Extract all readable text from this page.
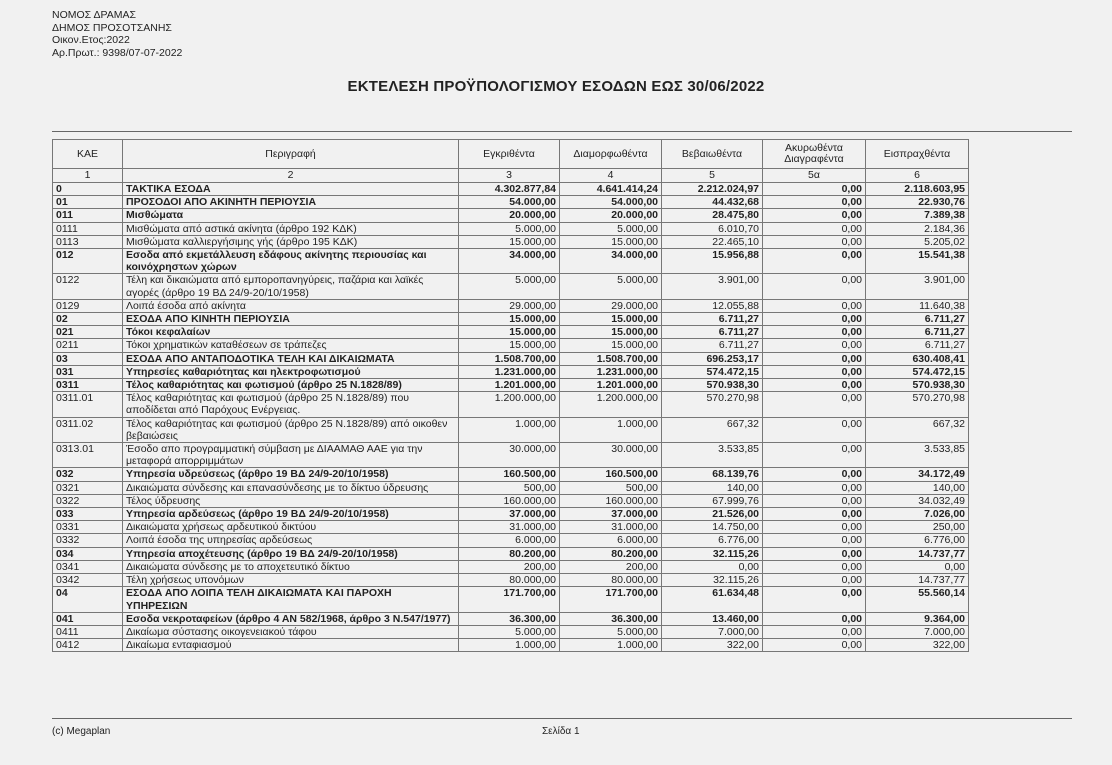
ΝΟΜΟΣ ΔΡΑΜΑΣ
ΔΗΜΟΣ ΠΡΟΣΟΤΣΑΝΗΣ
Οικον.Ετος:2022
Αρ.Πρωτ.: 9398/07-07-2022
ΕΚΤΕΛΕΣΗ ΠΡΟΫΠΟΛΟΓΙΣΜΟΥ ΕΣΟΔΩΝ ΕΩΣ 30/06/2022
ΚΑΕ	Περιγραφή	Εγκριθέντα	Διαμορφωθέντα	Βεβαιωθέντα	Ακυρωθέντα Διαγραφέντα	Εισπραχθέντα
1	2	3	4	5	5α	6
0	ΤΑΚΤΙΚΑ ΕΣΟΔΑ	4.302.877,84	4.641.414,24	2.212.024,97	0,00	2.118.603,95
01	ΠΡΟΣΟΔΟΙ ΑΠΟ ΑΚΙΝΗΤΗ ΠΕΡΙΟΥΣΙΑ	54.000,00	54.000,00	44.432,68	0,00	22.930,76
011	Μισθώματα	20.000,00	20.000,00	28.475,80	0,00	7.389,38
0111	Μισθώματα από αστικά ακίνητα (άρθρο 192 ΚΔΚ)	5.000,00	5.000,00	6.010,70	0,00	2.184,36
0113	Μισθώματα καλλιεργήσιμης γής (άρθρο 195 ΚΔΚ)	15.000,00	15.000,00	22.465,10	0,00	5.205,02
012	Εσοδα από εκμετάλλευση εδάφους ακίνητης περιουσίας και κοινόχρηστων χώρων	34.000,00	34.000,00	15.956,88	0,00	15.541,38
0122	Τέλη και δικαιώματα από εμποροπανηγύρεις, παζάρια και λαϊκές αγορές (άρθρο 19 ΒΔ 24/9-20/10/1958)	5.000,00	5.000,00	3.901,00	0,00	3.901,00
0129	Λοιπά έσοδα από ακίνητα	29.000,00	29.000,00	12.055,88	0,00	11.640,38
02	ΕΣΟΔΑ ΑΠΟ ΚΙΝΗΤΗ ΠΕΡΙΟΥΣΙΑ	15.000,00	15.000,00	6.711,27	0,00	6.711,27
021	Τόκοι κεφαλαίων	15.000,00	15.000,00	6.711,27	0,00	6.711,27
0211	Τόκοι χρηματικών καταθέσεων σε τράπεζες	15.000,00	15.000,00	6.711,27	0,00	6.711,27
03	ΕΣΟΔΑ ΑΠΟ ΑΝΤΑΠΟΔΟΤΙΚΑ ΤΕΛΗ ΚΑΙ ΔΙΚΑΙΩΜΑΤΑ	1.508.700,00	1.508.700,00	696.253,17	0,00	630.408,41
031	Υπηρεσίες καθαριότητας και ηλεκτροφωτισμού	1.231.000,00	1.231.000,00	574.472,15	0,00	574.472,15
0311	Τέλος καθαριότητας και φωτισμού (άρθρο 25 Ν.1828/89)	1.201.000,00	1.201.000,00	570.938,30	0,00	570.938,30
0311.01	Τέλος καθαριότητας και φωτισμού (άρθρο 25 Ν.1828/89) που αποδίδεται από Παρόχους Ενέργειας.	1.200.000,00	1.200.000,00	570.270,98	0,00	570.270,98
0311.02	Τέλος καθαριότητας και φωτισμού (άρθρο 25 Ν.1828/89) από οικοθεν βεβαιώσεις	1.000,00	1.000,00	667,32	0,00	667,32
0313.01	Έσοδο απο προγραμματική σύμβαση με ΔΙΑΑΜΑΘ ΑΑΕ για την μεταφορά απορριμμάτων	30.000,00	30.000,00	3.533,85	0,00	3.533,85
032	Υπηρεσία υδρεύσεως (άρθρο 19 ΒΔ 24/9-20/10/1958)	160.500,00	160.500,00	68.139,76	0,00	34.172,49
0321	Δικαιώματα σύνδεσης και επανασύνδεσης με το δίκτυο ύδρευσης	500,00	500,00	140,00	0,00	140,00
0322	Τέλος ύδρευσης	160.000,00	160.000,00	67.999,76	0,00	34.032,49
033	Υπηρεσία αρδεύσεως (άρθρο 19 ΒΔ 24/9-20/10/1958)	37.000,00	37.000,00	21.526,00	0,00	7.026,00
0331	Δικαιώματα χρήσεως αρδευτικού δικτύου	31.000,00	31.000,00	14.750,00	0,00	250,00
0332	Λοιπά έσοδα της υπηρεσίας αρδεύσεως	6.000,00	6.000,00	6.776,00	0,00	6.776,00
034	Υπηρεσία αποχέτευσης (άρθρο 19 ΒΔ 24/9-20/10/1958)	80.200,00	80.200,00	32.115,26	0,00	14.737,77
0341	Δικαιώματα σύνδεσης με το αποχετευτικό δίκτυο	200,00	200,00	0,00	0,00	0,00
0342	Τέλη χρήσεως υπονόμων	80.000,00	80.000,00	32.115,26	0,00	14.737,77
04	ΕΣΟΔΑ ΑΠΟ ΛΟΙΠΑ ΤΕΛΗ ΔΙΚΑΙΩΜΑΤΑ ΚΑΙ ΠΑΡΟΧΗ ΥΠΗΡΕΣΙΩΝ	171.700,00	171.700,00	61.634,48	0,00	55.560,14
041	Εσοδα νεκροταφείων (άρθρο 4 ΑΝ 582/1968, άρθρο 3 Ν.547/1977)	36.300,00	36.300,00	13.460,00	0,00	9.364,00
0411	Δικαίωμα σύστασης οικογενειακού τάφου	5.000,00	5.000,00	7.000,00	0,00	7.000,00
0412	Δικαίωμα ενταφιασμού	1.000,00	1.000,00	322,00	0,00	322,00
(c) Megaplan	Σελίδα 1
